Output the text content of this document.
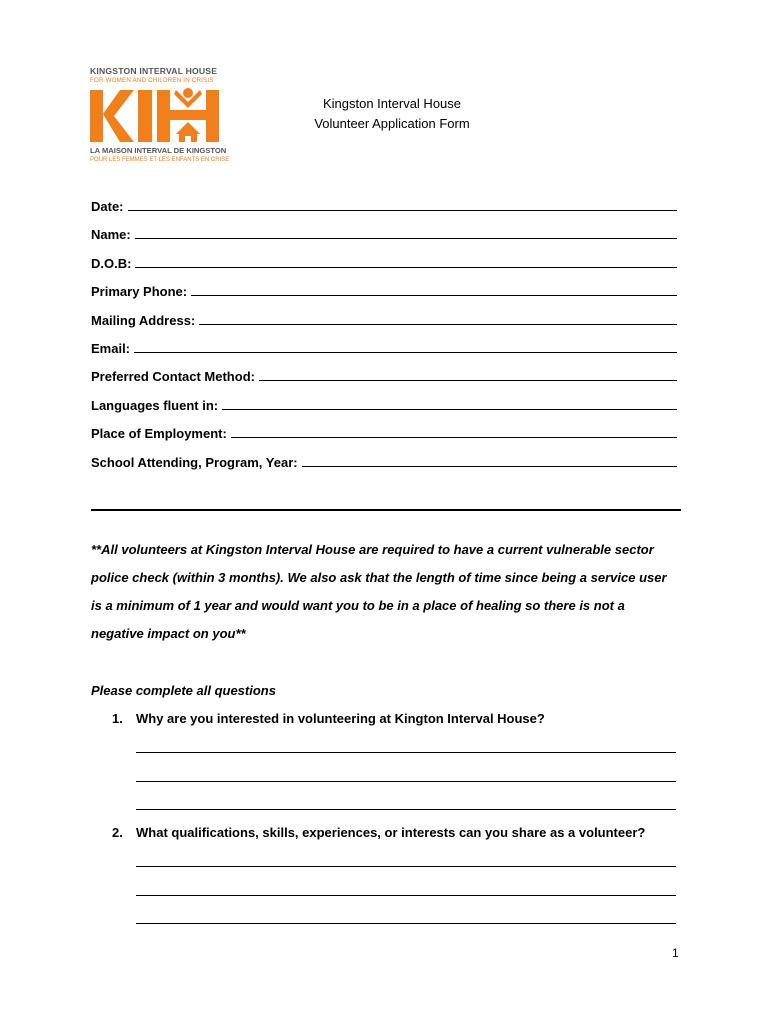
KINGSTON INTERVAL HOUSE
FOR WOMEN AND CHILDREN IN CRISIS
LA MAISON INTERVAL DE KINGSTON
POUR LES FEMMES ET LES ENFANTS EN CRISE
Kingston Interval House
Volunteer Application Form
Date:
Name:
D.O.B:
Primary Phone:
Mailing Address:
Email:
Preferred Contact Method:
Languages fluent in:
Place of Employment:
School Attending, Program, Year:
**All volunteers at Kingston Interval House are required to have a current vulnerable sector
police check (within 3 months). We also ask that the length of time since being a service user
is a minimum of 1 year and would want you to be in a place of healing so there is not a
negative impact on you**
Please complete all questions
1. Why are you interested in volunteering at Kington Interval House?
2. What qualifications, skills, experiences, or interests can you share as a volunteer?
1
